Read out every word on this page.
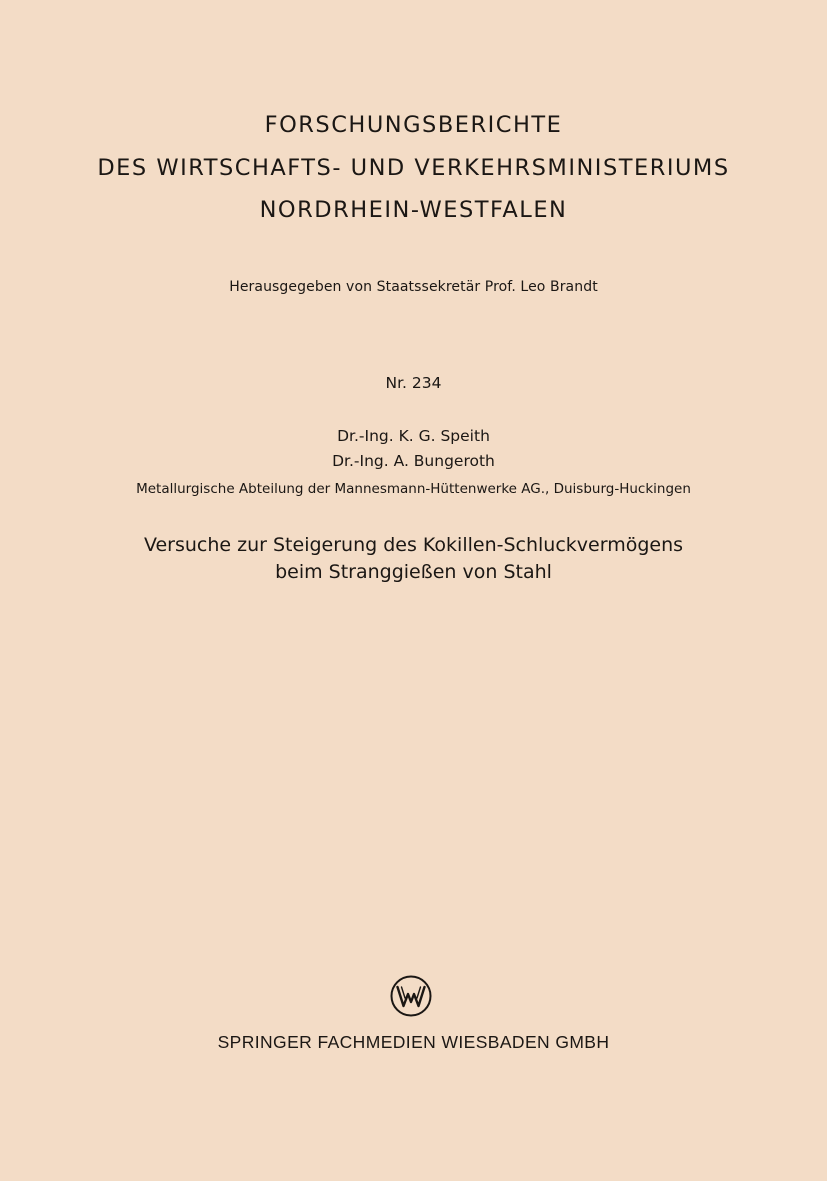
FORSCHUNGSBERICHTE
DES WIRTSCHAFTS- UND VERKEHRSMINISTERIUMS
NORDRHEIN-WESTFALEN
Herausgegeben von Staatssekretär Prof. Leo Brandt
Nr. 234
Dr.-Ing. K. G. Speith
Dr.-Ing. A. Bungeroth
Metallurgische Abteilung der Mannesmann-Hüttenwerke AG., Duisburg-Huckingen
Versuche zur Steigerung des Kokillen-Schluckvermögens
beim Stranggießen von Stahl
SPRINGER FACHMEDIEN WIESBADEN GMBH
